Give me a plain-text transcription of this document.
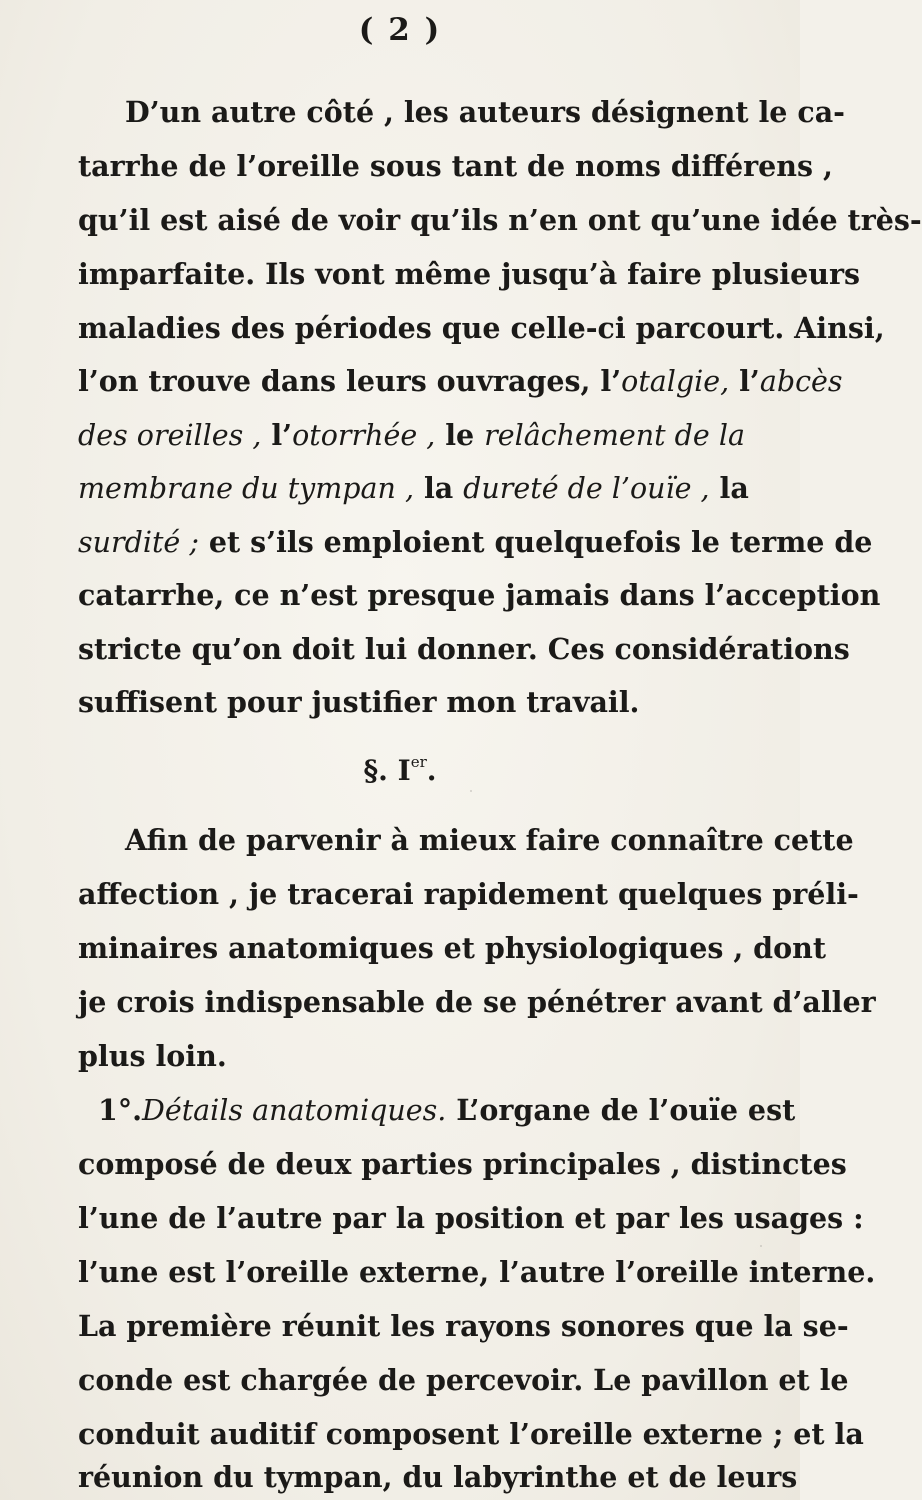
( 2 )
D’un autre côté , les auteurs désignent le ca-
tarrhe de l’oreille sous tant de noms différens ,
qu’il est aisé de voir qu’ils n’en ont qu’une idée très-
imparfaite. Ils vont même jusqu’à faire plusieurs
maladies des périodes que celle-ci parcourt. Ainsi,
l’on trouve dans leurs ouvrages, l’otalgie, l’abcès
des oreilles , l’otorrhée , le relâchement de la
membrane du tympan , la dureté de l’ouïe , la
surdité ; et s’ils emploient quelquefois le terme de
catarrhe, ce n’est presque jamais dans l’acception
stricte qu’on doit lui donner. Ces considérations
suffisent pour justifier mon travail.
§. Ier.
Afin de parvenir à mieux faire connaître cette
affection , je tracerai rapidement quelques préli-
minaires anatomiques et physiologiques , dont
je crois indispensable de se pénétrer avant d’aller
plus loin.
1°.Détails anatomiques. L’organe de l’ouïe est
composé de deux parties principales , distinctes
l’une de l’autre par la position et par les usages :
l’une est l’oreille externe, l’autre l’oreille interne.
La première réunit les rayons sonores que la se-
conde est chargée de percevoir. Le pavillon et le
conduit auditif composent l’oreille externe ; et la
réunion du tympan, du labyrinthe et de leurs
